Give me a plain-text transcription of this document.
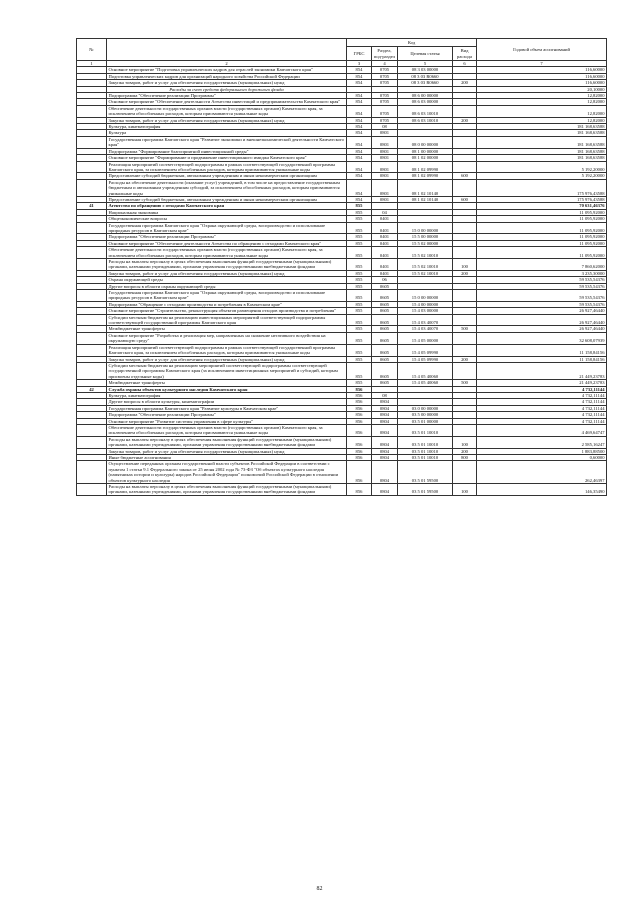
№		Код				Годовой объем ассигнований
		ГРБС	Раздел, под-раздел	Целевая статья	Вид расхода	
1	2	3	4	5	6	7
	Основное мероприятие "Подготовка управленческих кадров для отраслей экономики Камчатского края"	854	0705	08 3 03 00000		116,60000
	Подготовка управленческих кадров для организаций народного хозяйства Российской Федерации	854	0705	08 3 03 R0660		116,60000
	Закупка товаров, работ и услуг для обеспечения государственных (муниципальных) нужд	854	0705	08 3 03 R0660	200	116,60000
	Расходы за счет средств федерального дорожного фонда					20,10000
	Подпрограмма "Обеспечение реализации Программы"	854	0705	08 6 00 00000		12,82000
	Основное мероприятие "Обеспечение деятельности Агентства инвестиций и предпринимательства Камчатского края"	854	0705	08 6 03 00000		12,82000
	Обеспечение деятельности государственных органов власти (государственных органов) Камчатского края, за исключением обособленных расходов, которым присваиваются уникальные коды	854	0705	08 6 03 10010		12,82000
	Закупка товаров, работ и услуг для обеспечения государственных (муниципальных) нужд	854	0705	08 6 03 10010	200	12,82000
	Культура, кинематография	854	08			181 168,63588
	Культура	854	0801			181 168,63588
	Государственная программа Камчатского края "Развитие экономики и внешнеэкономической деятельности Камчатского края"	854	0801	08 0 00 00000		181 168,63588
	Подпрограмма "Формирование благоприятной инвестиционной среды"	854	0801	08 1 00 00000		181 168,63588
	Основное мероприятие "Формирование и продвижение инвестиционного имиджа Камчатского края"	854	0801	08 1 02 00000		181 168,63588
	Реализация мероприятий соответствующей подпрограммы в рамках соответствующей государственной программы Камчатского края, за исключением обособленных расходов, которым присваиваются уникальные коды	854	0801	08 1 02 09990		5 192,20000
	Предоставление субсидий бюджетным, автономным учреждениям и иным некоммерческим организациям	854	0801	08 1 02 09990	600	5 192,20000
	Расходы на обеспечение деятельности (оказание услуг) учреждений, в том числе на предоставление государственным бюджетным и автономным учреждениям субсидий, за исключением обособленных расходов, которым присваиваются уникальные коды	854	0801	08 1 02 10140		175 976,43588
	Предоставление субсидий бюджетным, автономным учреждениям и иным некоммерческим организациям	854	0801	08 1 02 10140	600	175 976,43588
41	Агентство по обращению с отходами Камчатского края	855				70 631,46376
	Национальная экономика	855	04			11 095,92000
	Общеэкономические вопросы	855	0401			11 095,92000
	Государственная программа Камчатского края "Охрана окружающей среды, воспроизводство и использование природных ресурсов в Камчатском крае"	855	0401	15 0 00 00000		11 095,92000
	Подпрограмма "Обеспечение реализации Программы"	855	0401	15 5 00 00000		11 095,92000
	Основное мероприятие "Обеспечение деятельности Агентства по обращению с отходами Камчатского края"	855	0401	15 5 02 00000		11 095,92000
	Обеспечение деятельности государственных органов власти (государственных органов) Камчатского края, за исключением обособленных расходов, которым присваиваются уникальные коды	855	0401	15 5 02 10010		11 095,92000
	Расходы на выплаты персоналу в целях обеспечения выполнения функций государственными (муниципальными) органами, казенными учреждениями, органами управления государственными внебюджетными фондами	855	0401	15 5 02 10010	100	7 860,62000
	Закупка товаров, работ и услуг для обеспечения государственных (муниципальных) нужд	855	0401	15 5 02 10010	200	3 235,30000
	Охрана окружающей среды	855	06			59 535,54376
	Другие вопросы в области охраны окружающей среды	855	0605			59 535,54376
	Государственная программа Камчатского края "Охрана окружающей среды, воспроизводство и использование природных ресурсов в Камчатском крае"	855	0605	15 0 00 00000		59 535,54376
	Подпрограмма "Обращение с отходами производства и потребления в Камчатском крае"	855	0605	15 4 00 00000		59 535,54376
	Основное мероприятие "Строительство, реконструкция объектов размещения отходов производства и потребления"	855	0605	15 4 03 00000		26 927,46440
	Субсидии местным бюджетам на реализацию инвестиционных мероприятий соответствующей подпрограммы соответствующей государственной программы Камчатского края	855	0605	15 4 03 40070		26 927,46440
	Межбюджетные трансферты	855	0605	15 4 03 40070	500	26 927,46440
	Основное мероприятие "Разработка и реализация мер, направленных на снижение негативного воздействия на окружающую среду"	855	0605	15 4 05 00000		32 608,07939
	Реализация мероприятий соответствующей подпрограммы в рамках соответствующей государственной программы Камчатского края, за исключением обособленных расходов, которым присваиваются уникальные коды	855	0605	15 4 05 09990		11 158,84156
	Закупка товаров, работ и услуг для обеспечения государственных (муниципальных) нужд	855	0605	15 4 05 09990	200	11 158,84156
	Субсидии местным бюджетам на реализацию мероприятий соответствующей подпрограммы соответствующей государственной программы Камчатского края (за исключением инвестиционных мероприятий и субсидий, которым присвоены отдельные коды)	855	0605	15 4 05 40060		21 449,23783
	Межбюджетные трансферты	855	0605	15 4 05 40060	500	21 449,23783
42	Служба охраны объектов культурного наследия Камчатского края	856				4 732,11144
	Культура, кинематография	856	08			4 732,11144
	Другие вопросы в области культуры, кинематографии	856	0804			4 732,11144
	Государственная программа Камчатского края "Развитие культуры в Камчатском крае"	856	0804	03 0 00 00000		4 732,11144
	Подпрограмма "Обеспечение реализации Программы"	856	0804	03 5 00 00000		4 732,11144
	Основное мероприятие "Развитие системы управления в сфере культуры"	856	0804	03 5 01 00000		4 732,11144
	Обеспечение деятельности государственных органов власти (государственных органов) Камчатского края, за исключением обособленных расходов, которым присваиваются уникальные коды	856	0804	03 5 01 10010		4 469,64747
	Расходы на выплаты персоналу в целях обеспечения выполнения функций государственными (муниципальными) органами, казенными учреждениями, органами управления государственными внебюджетными фондами	856	0804	03 5 01 10010	100	2 585,16247
	Закупка товаров, работ и услуг для обеспечения государственных (муниципальных) нужд	856	0804	03 5 01 10010	200	1 883,88500
	Иные бюджетные ассигнования	856	0804	03 5 01 10010	800	0,60000
	Осуществление переданных органам государственной власти субъектов Российской Федерации в соответствии с пунктом 1 статьи 9.1 Федерального закона от 25 июня 2002 года № 73-ФЗ "Об объектах культурного наследия (памятниках истории и культуры) народов Российской Федерации" полномочий Российской Федерации в отношении объектов культурного наследия	856	0804	03 5 01 59500		262,46397
	Расходы на выплаты персоналу в целях обеспечения выполнения функций государственными (муниципальными) органами, казенными учреждениями, органами управления государственными внебюджетными фондами	856	0804	03 5 01 59500	100	146,35490
82
